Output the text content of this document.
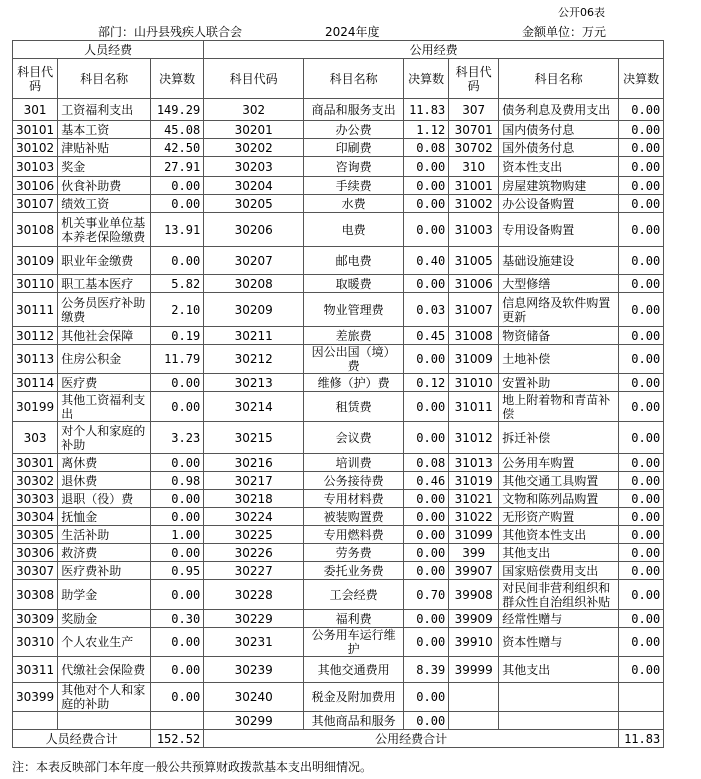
公开06表
部门：山丹县残疾人联合会	2024年度	金额单位：万元
人员经费			公用经费					
科目代码	科目名称	决算数	科目代码	科目名称	决算数	科目代码	科目名称	决算数
301	工资福利支出	149.29	302	商品和服务支出	11.83	307	债务利息及费用支出	0.00
30101	基本工资	45.08	30201	办公费	1.12	30701	国内债务付息	0.00
30102	津贴补贴	42.50	30202	印刷费	0.08	30702	国外债务付息	0.00
30103	奖金	27.91	30203	咨询费	0.00	310	资本性支出	0.00
30106	伙食补助费	0.00	30204	手续费	0.00	31001	房屋建筑物购建	0.00
30107	绩效工资	0.00	30205	水费	0.00	31002	办公设备购置	0.00
30108	机关事业单位基本养老保险缴费	13.91	30206	电费	0.00	31003	专用设备购置	0.00
30109	职业年金缴费	0.00	30207	邮电费	0.40	31005	基础设施建设	0.00
30110	职工基本医疗	5.82	30208	取暖费	0.00	31006	大型修缮	0.00
30111	公务员医疗补助缴费	2.10	30209	物业管理费	0.03	31007	信息网络及软件购置更新	0.00
30112	其他社会保障	0.19	30211	差旅费	0.45	31008	物资储备	0.00
30113	住房公积金	11.79	30212	因公出国（境）费	0.00	31009	土地补偿	0.00
30114	医疗费	0.00	30213	维修（护）费	0.12	31010	安置补助	0.00
30199	其他工资福利支出	0.00	30214	租赁费	0.00	31011	地上附着物和青苗补偿	0.00
303	对个人和家庭的补助	3.23	30215	会议费	0.00	31012	拆迁补偿	0.00
30301	离休费	0.00	30216	培训费	0.08	31013	公务用车购置	0.00
30302	退休费	0.98	30217	公务接待费	0.46	31019	其他交通工具购置	0.00
30303	退职（役）费	0.00	30218	专用材料费	0.00	31021	文物和陈列品购置	0.00
30304	抚恤金	0.00	30224	被装购置费	0.00	31022	无形资产购置	0.00
30305	生活补助	1.00	30225	专用燃料费	0.00	31099	其他资本性支出	0.00
30306	救济费	0.00	30226	劳务费	0.00	399	其他支出	0.00
30307	医疗费补助	0.95	30227	委托业务费	0.00	39907	国家赔偿费用支出	0.00
30308	助学金	0.00	30228	工会经费	0.70	39908	对民间非营利组织和群众性自治组织补贴	0.00
30309	奖励金	0.30	30229	福利费	0.00	39909	经常性赠与	0.00
30310	个人农业生产	0.00	30231	公务用车运行维护	0.00	39910	资本性赠与	0.00
30311	代缴社会保险费	0.00	30239	其他交通费用	8.39	39999	其他支出	0.00
30399	其他对个人和家庭的补助	0.00	30240	税金及附加费用	0.00			
			30299	其他商品和服务	0.00			
人员经费合计		152.52	公用经费合计					11.83
注：本表反映部门本年度一般公共预算财政拨款基本支出明细情况。
